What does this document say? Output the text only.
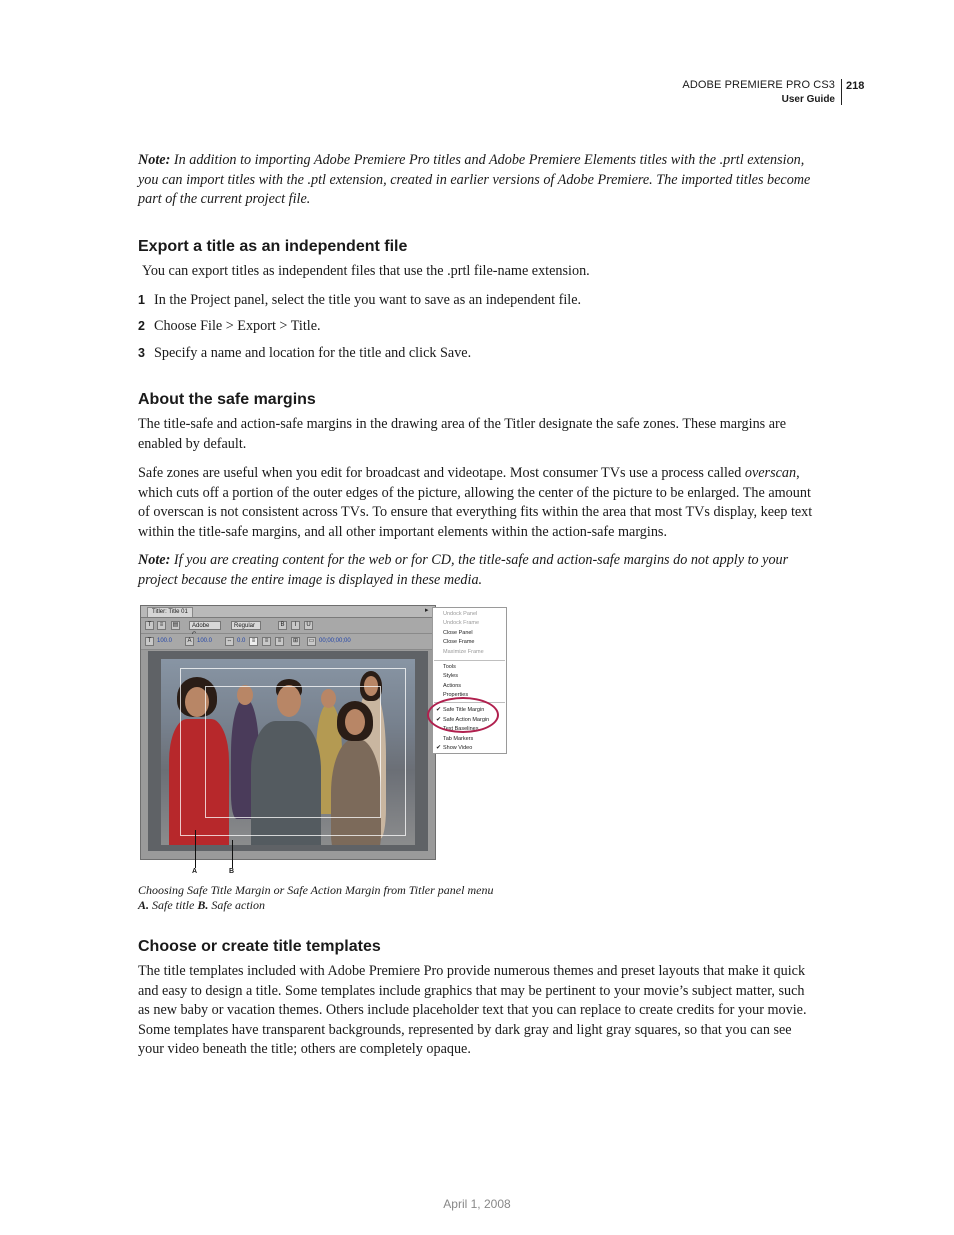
ADOBE PREMIERE PRO CS3
User Guide
218

Note: In addition to importing Adobe Premiere Pro titles and Adobe Premiere Elements titles with the .prtl extension, you can import titles with the .ptl extension, created in earlier versions of Adobe Premiere. The imported titles become part of the current project file.

Export a title as an independent file

You can export titles as independent files that use the .prtl file-name extension.

1 In the Project panel, select the title you want to save as an independent file.
2 Choose File > Export > Title.
3 Specify a name and location for the title and click Save.
About the safe margins

The title-safe and action-safe margins in the drawing area of the Titler designate the safe zones. These margins are enabled by default.

Safe zones are useful when you edit for broadcast and videotape. Most consumer TVs use a process called overscan, which cuts off a portion of the outer edges of the picture, allowing the center of the picture to be enlarged. The amount of overscan is not consistent across TVs. To ensure that everything fits within the area that most TVs display, keep text within the title-safe margins, and all other important elements within the action-safe margins.

Note: If you are creating content for the web or for CD, the title-safe and action-safe margins do not apply to your project because the entire image is displayed in these media.

Titler: Title 01	▸
T	≡	▤	Adobe	Regular	B	I	U
T 100.0	A 100.0 ⇔ 0.0	≡	≡	≡	⊞	▭ 00;00;00;00
Undock Panel
Undock Frame
Close Panel
Close Frame
Maximize Frame
Tools
Styles
Actions
Properties
✔ Safe Title Margin
✔ Safe Action Margin
Text Baselines
Tab Markers
✔ Show Video
A	B
Choosing Safe Title Margin or Safe Action Margin from Titler panel menu
A. Safe title B. Safe action
Choose or create title templates

The title templates included with Adobe Premiere Pro provide numerous themes and preset layouts that make it quick and easy to design a title. Some templates include graphics that may be pertinent to your movie’s subject matter, such as new baby or vacation themes. Others include placeholder text that you can replace to create credits for your movie. Some templates have transparent backgrounds, represented by dark gray and light gray squares, so that you can see your video beneath the title; others are completely opaque.

April 1, 2008
